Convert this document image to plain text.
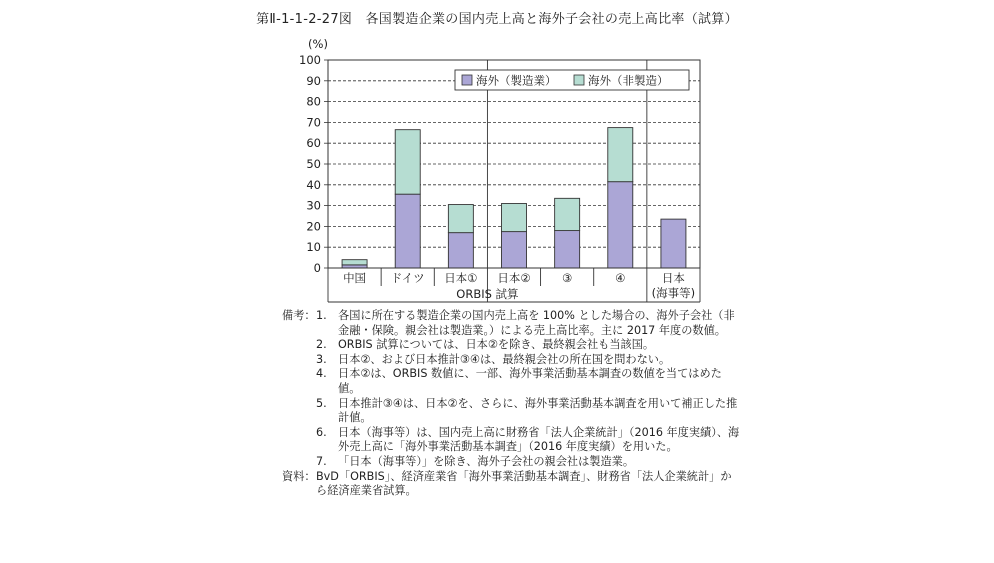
第Ⅱ-1-1-2-27図　各国製造企業の国内売上高と海外子会社の売上高比率（試算）
0
10
20
30
40
50
60
70
80
90
100
(%)
中国 ドイツ 日本① 日本②	③	④	日本
(海事等)
ORBIS 試算
海外（製造業）	海外（非製造）
備考： 1.	各国に所在する製造企業の国内売上高を 100% とした場合の、海外子会社（非金融・保険。親会社は製造業。）による売上高比率。主に 2017 年度の数値。
2.	ORBIS 試算については、日本②を除き、最終親会社も当該国。
3.	日本②、および日本推計③④は、最終親会社の所在国を問わない。
4.	日本②は、ORBIS 数値に、一部、海外事業活動基本調査の数値を当てはめた値。
5.	日本推計③④は、日本②を、さらに、海外事業活動基本調査を用いて補正した推計値。
6.	日本（海事等）は、国内売上高に財務省「法人企業統計」（2016 年度実績）、海外売上高に「海外事業活動基本調査」（2016 年度実績）を用いた。
7.	「日本（海事等）」を除き、海外子会社の親会社は製造業。
資料： BvD「ORBIS」、経済産業省「海外事業活動基本調査」、財務省「法人企業統計」から経済産業省試算。
